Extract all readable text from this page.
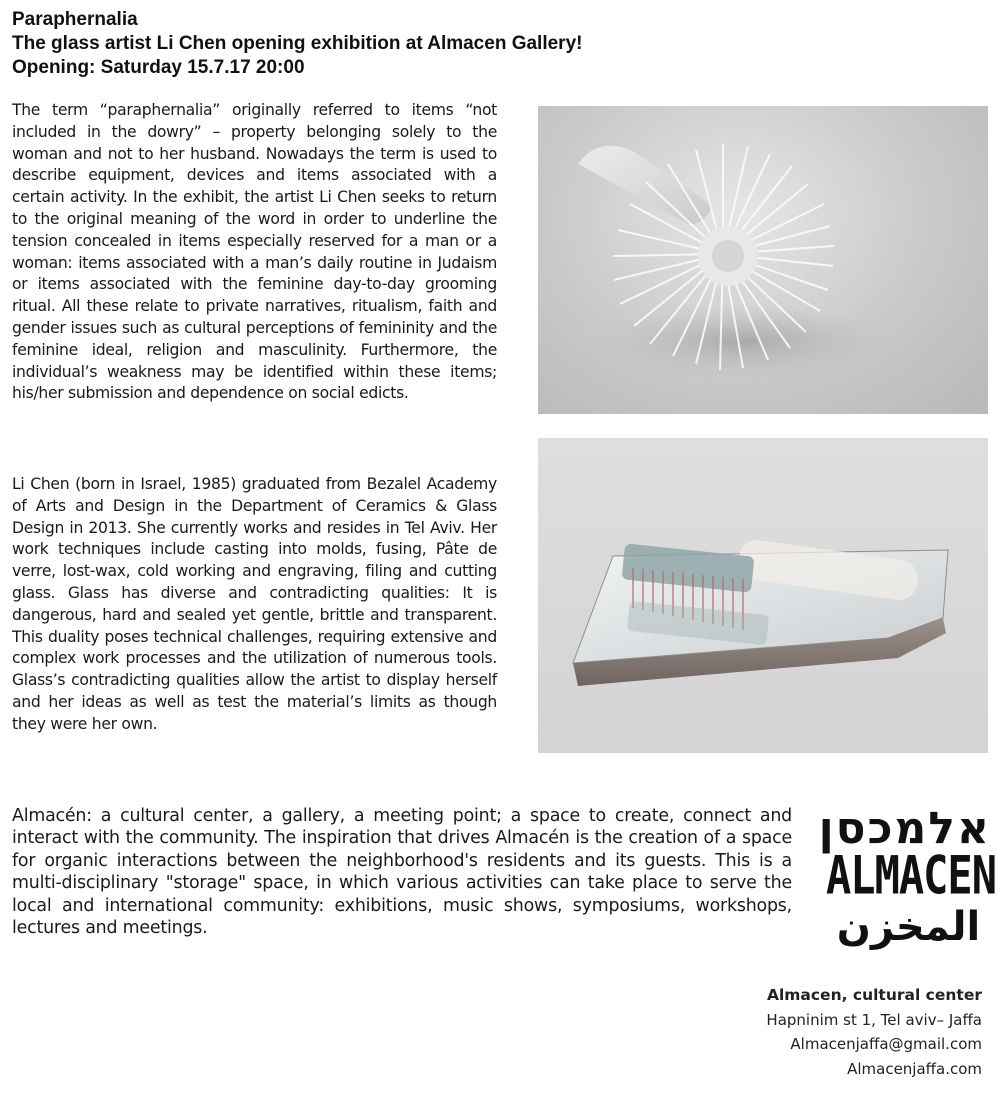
Paraphernalia
The glass artist Li Chen opening exhibition at Almacen Gallery!
Opening: Saturday 15.7.17 20:00
The term “paraphernalia” originally referred to items “not included in the dowry” – property belonging solely to the woman and not to her husband. Nowadays the term is used to describe equipment, devices and items associated with a certain activity. In the exhibit, the artist Li Chen seeks to return to the original meaning of the word in order to underline the tension concealed in items especially reserved for a man or a woman: items associated with a man’s daily routine in Judaism or items associated with the feminine day-to-day grooming ritual. All these relate to private narratives, ritualism, faith and gender issues such as cultural perceptions of femininity and the feminine ideal, religion and masculinity. Furthermore, the individual’s weakness may be identified within these items; his/her submission and dependence on social edicts.
Li Chen (born in Israel, 1985) graduated from Bezalel Academy of Arts and Design in the Department of Ceramics & Glass Design in 2013. She currently works and resides in Tel Aviv. Her work techniques include casting into molds, fusing, Pâte de verre, lost-wax, cold working and engraving, filing and cutting glass. Glass has diverse and contradicting qualities: It is dangerous, hard and sealed yet gentle, brittle and transparent. This duality poses technical challenges, requiring extensive and complex work processes and the utilization of numerous tools. Glass’s contradicting qualities allow the artist to display herself and her ideas as well as test the material’s limits as though they were her own.
Almacén: a cultural center, a gallery, a meeting point; a space to create, connect and interact with the community. The inspiration that drives Almacén is the creation of a space for organic interactions between the neighborhood's residents and its guests. This is a multi-disciplinary "storage" space, in which various activities can take place to serve the local and international community: exhibitions, music shows, symposiums, workshops, lectures and meetings.
אלמכסן
ALMACEN
المخزن
Almacen, cultural center
Hapninim st 1, Tel aviv– Jaffa
Almacenjaffa@gmail.com
Almacenjaffa.com
